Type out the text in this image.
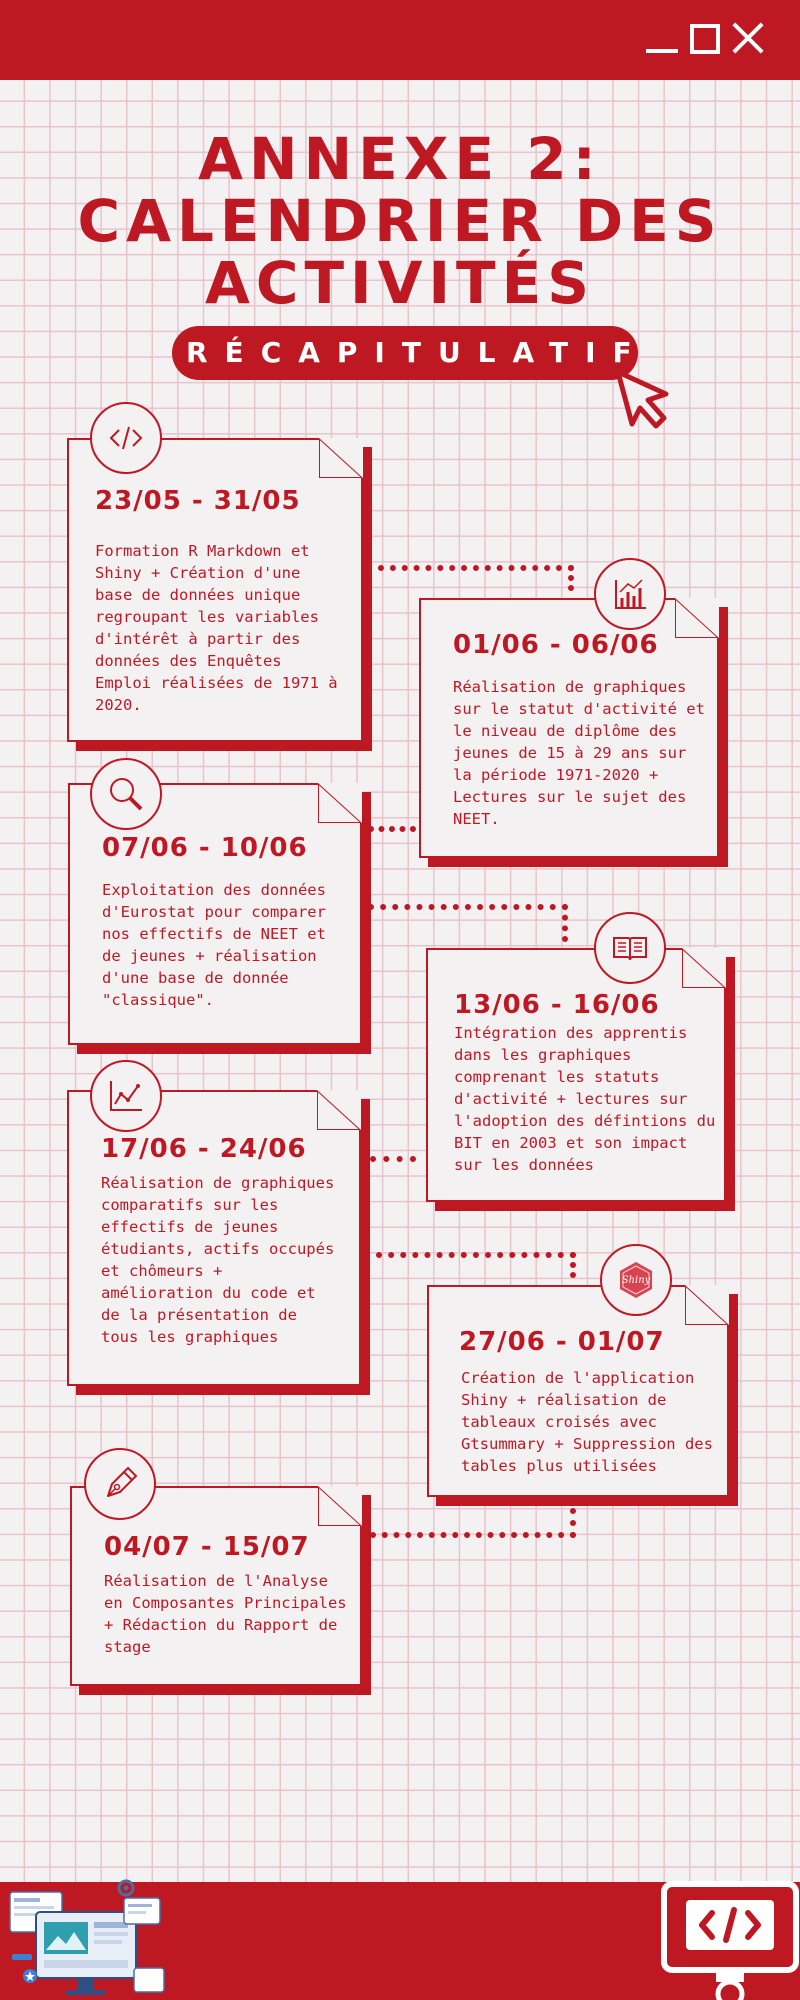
ANNEXE 2:
CALENDRIER DES
ACTIVITÉS
RÉCAPITULATIF
23/05 - 31/05
Formation R Markdown et Shiny + Création d'une base de données unique regroupant les variables d'intérêt à partir des données des Enquêtes Emploi réalisées de 1971 à 2020.
01/06 - 06/06
Réalisation de graphiques sur le statut d'activité et le niveau de diplôme des jeunes de 15 à 29 ans sur la période 1971-2020 + Lectures sur le sujet des NEET.
07/06 - 10/06
Exploitation des données d'Eurostat pour comparer nos effectifs de NEET et de jeunes + réalisation d'une base de donnée "classique".	13/06 - 16/06
Intégration des apprentis dans les graphiques comprenant les statuts d'activité + lectures sur l'adoption des défintions du BIT en 2003 et son impact sur les données
17/06 - 24/06
Réalisation de graphiques comparatifs sur les effectifs de jeunes étudiants, actifs occupés et chômeurs + amélioration du code et de la présentation de tous les graphiques	27/06 - 01/07
Création de l'application Shiny + réalisation de tableaux croisés avec Gtsummary + Suppression des tables plus utilisées
Shiny
04/07 - 15/07
Réalisation de l'Analyse en Composantes Principales + Rédaction du Rapport de stage
